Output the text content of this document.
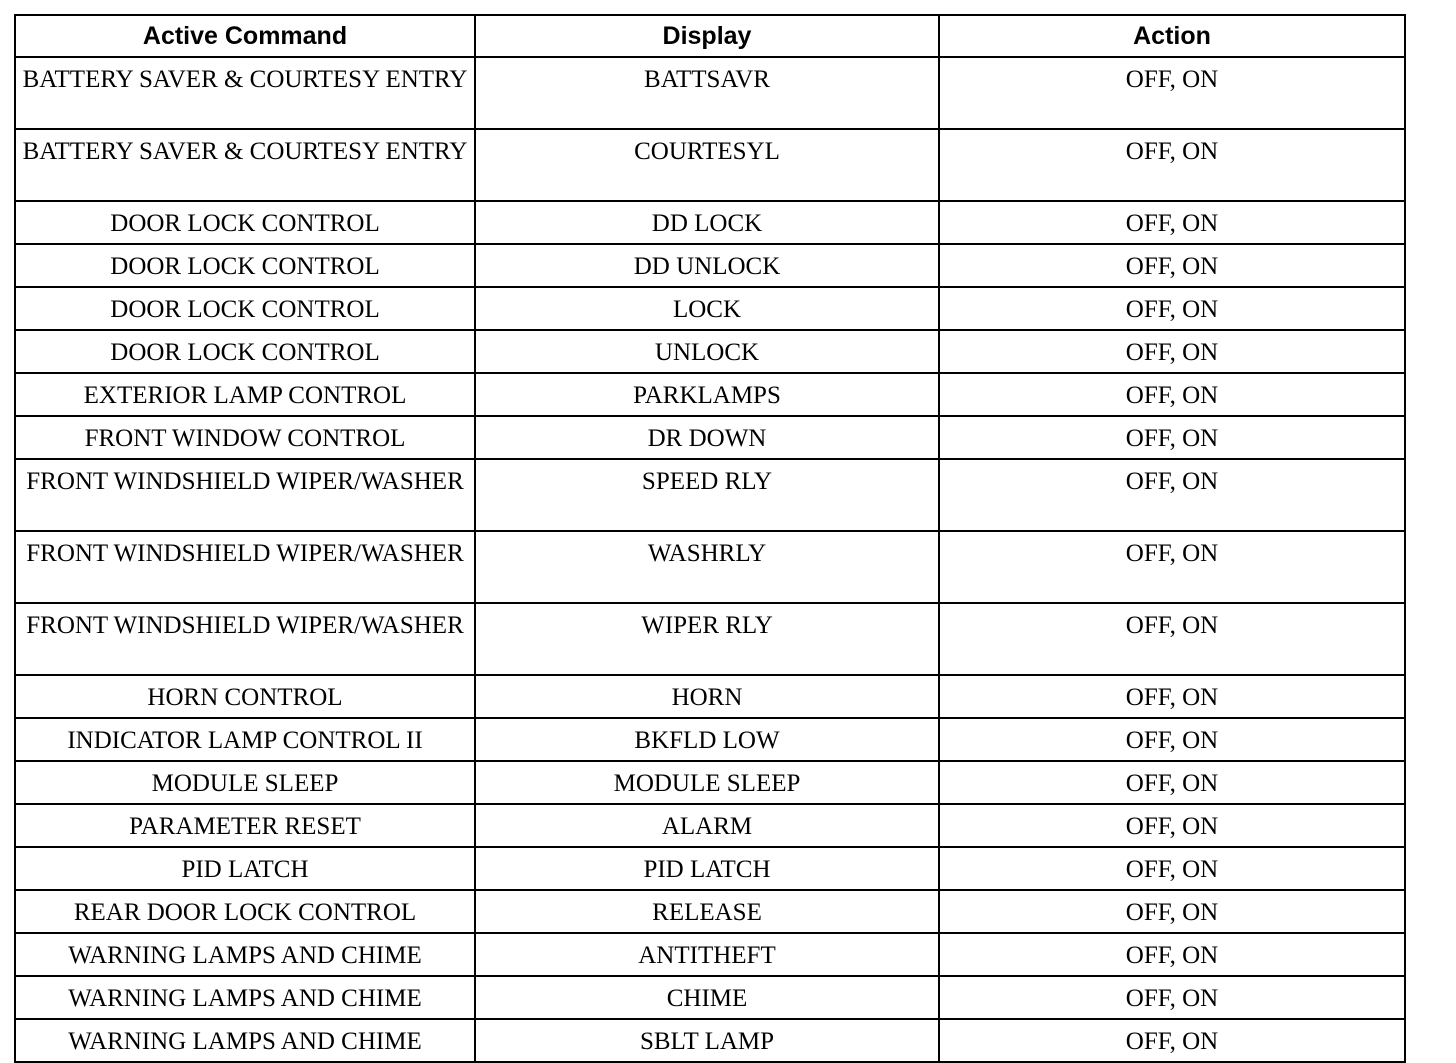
Active Command	Display	Action
BATTERY SAVER & COURTESY ENTRY	BATTSAVR	OFF, ON
BATTERY SAVER & COURTESY ENTRY	COURTESYL	OFF, ON
DOOR LOCK CONTROL	DD LOCK	OFF, ON
DOOR LOCK CONTROL	DD UNLOCK	OFF, ON
DOOR LOCK CONTROL	LOCK	OFF, ON
DOOR LOCK CONTROL	UNLOCK	OFF, ON
EXTERIOR LAMP CONTROL	PARKLAMPS	OFF, ON
FRONT WINDOW CONTROL	DR DOWN	OFF, ON
FRONT WINDSHIELD WIPER/WASHER	SPEED RLY	OFF, ON
FRONT WINDSHIELD WIPER/WASHER	WASHRLY	OFF, ON
FRONT WINDSHIELD WIPER/WASHER	WIPER RLY	OFF, ON
HORN CONTROL	HORN	OFF, ON
INDICATOR LAMP CONTROL II	BKFLD LOW	OFF, ON
MODULE SLEEP	MODULE SLEEP	OFF, ON
PARAMETER RESET	ALARM	OFF, ON
PID LATCH	PID LATCH	OFF, ON
REAR DOOR LOCK CONTROL	RELEASE	OFF, ON
WARNING LAMPS AND CHIME	ANTITHEFT	OFF, ON
WARNING LAMPS AND CHIME	CHIME	OFF, ON
WARNING LAMPS AND CHIME	SBLT LAMP	OFF, ON
